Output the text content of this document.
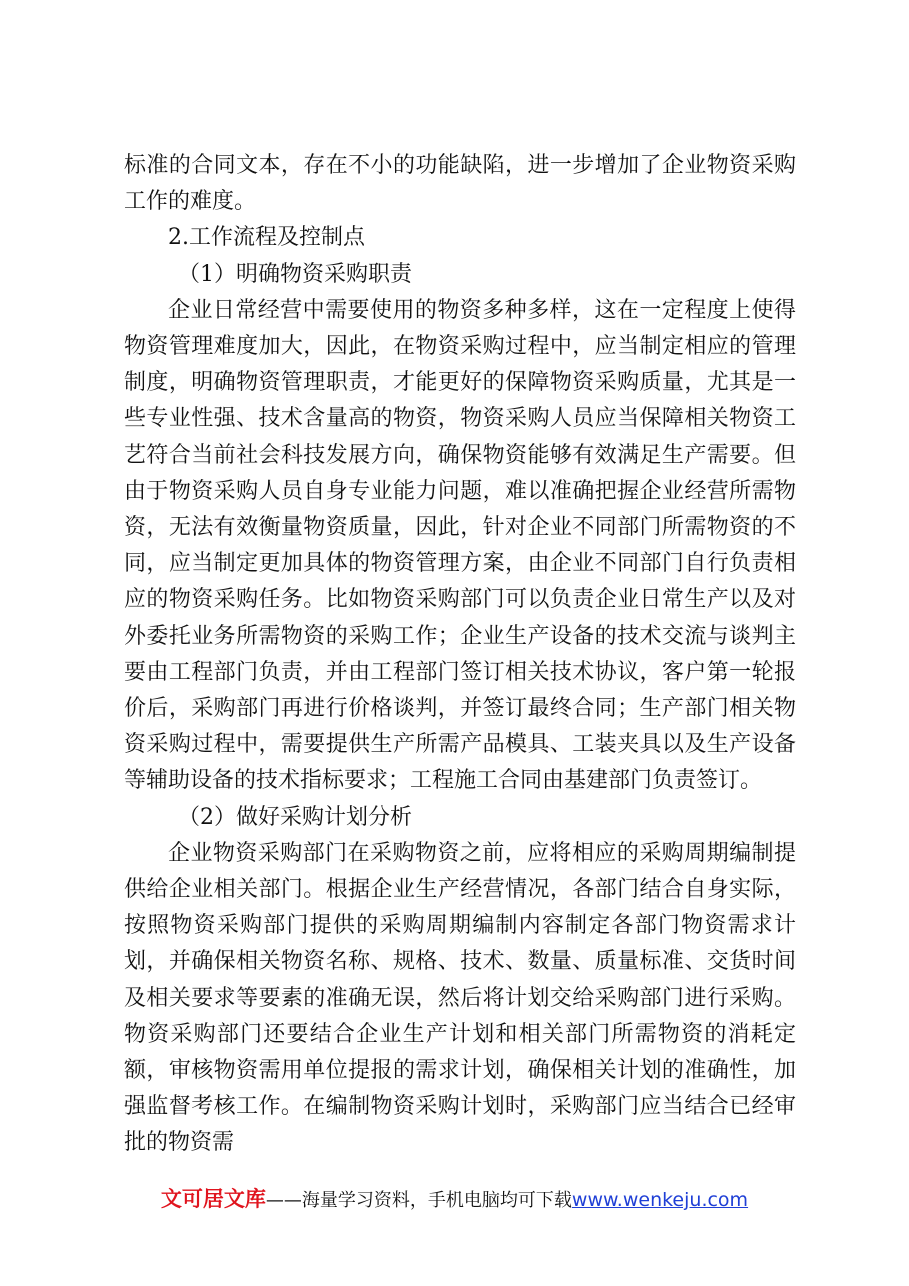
标准的合同文本，存在不小的功能缺陷，进一步增加了企业物资采购工作的难度。

2.工作流程及控制点

（1）明确物资采购职责

企业日常经营中需要使用的物资多种多样，这在一定程度上使得物资管理难度加大，因此，在物资采购过程中，应当制定相应的管理制度，明确物资管理职责，才能更好的保障物资采购质量，尤其是一些专业性强、技术含量高的物资，物资采购人员应当保障相关物资工艺符合当前社会科技发展方向，确保物资能够有效满足生产需要。但由于物资采购人员自身专业能力问题，难以准确把握企业经营所需物资，无法有效衡量物资质量，因此，针对企业不同部门所需物资的不同，应当制定更加具体的物资管理方案，由企业不同部门自行负责相应的物资采购任务。比如物资采购部门可以负责企业日常生产以及对外委托业务所需物资的采购工作；企业生产设备的技术交流与谈判主要由工程部门负责，并由工程部门签订相关技术协议，客户第一轮报价后，采购部门再进行价格谈判，并签订最终合同；生产部门相关物资采购过程中，需要提供生产所需产品模具、工装夹具以及生产设备等辅助设备的技术指标要求；工程施工合同由基建部门负责签订。

（2）做好采购计划分析

企业物资采购部门在采购物资之前，应将相应的采购周期编制提供给企业相关部门。根据企业生产经营情况，各部门结合自身实际，按照物资采购部门提供的采购周期编制内容制定各部门物资需求计划，并确保相关物资名称、规格、技术、数量、质量标准、交货时间及相关要求等要素的准确无误，然后将计划交给采购部门进行采购。物资采购部门还要结合企业生产计划和相关部门所需物资的消耗定额，审核物资需用单位提报的需求计划，确保相关计划的准确性，加强监督考核工作。在编制物资采购计划时，采购部门应当结合已经审批的物资需

文可居文库——海量学习资料，手机电脑均可下载www.wenkeju.com
